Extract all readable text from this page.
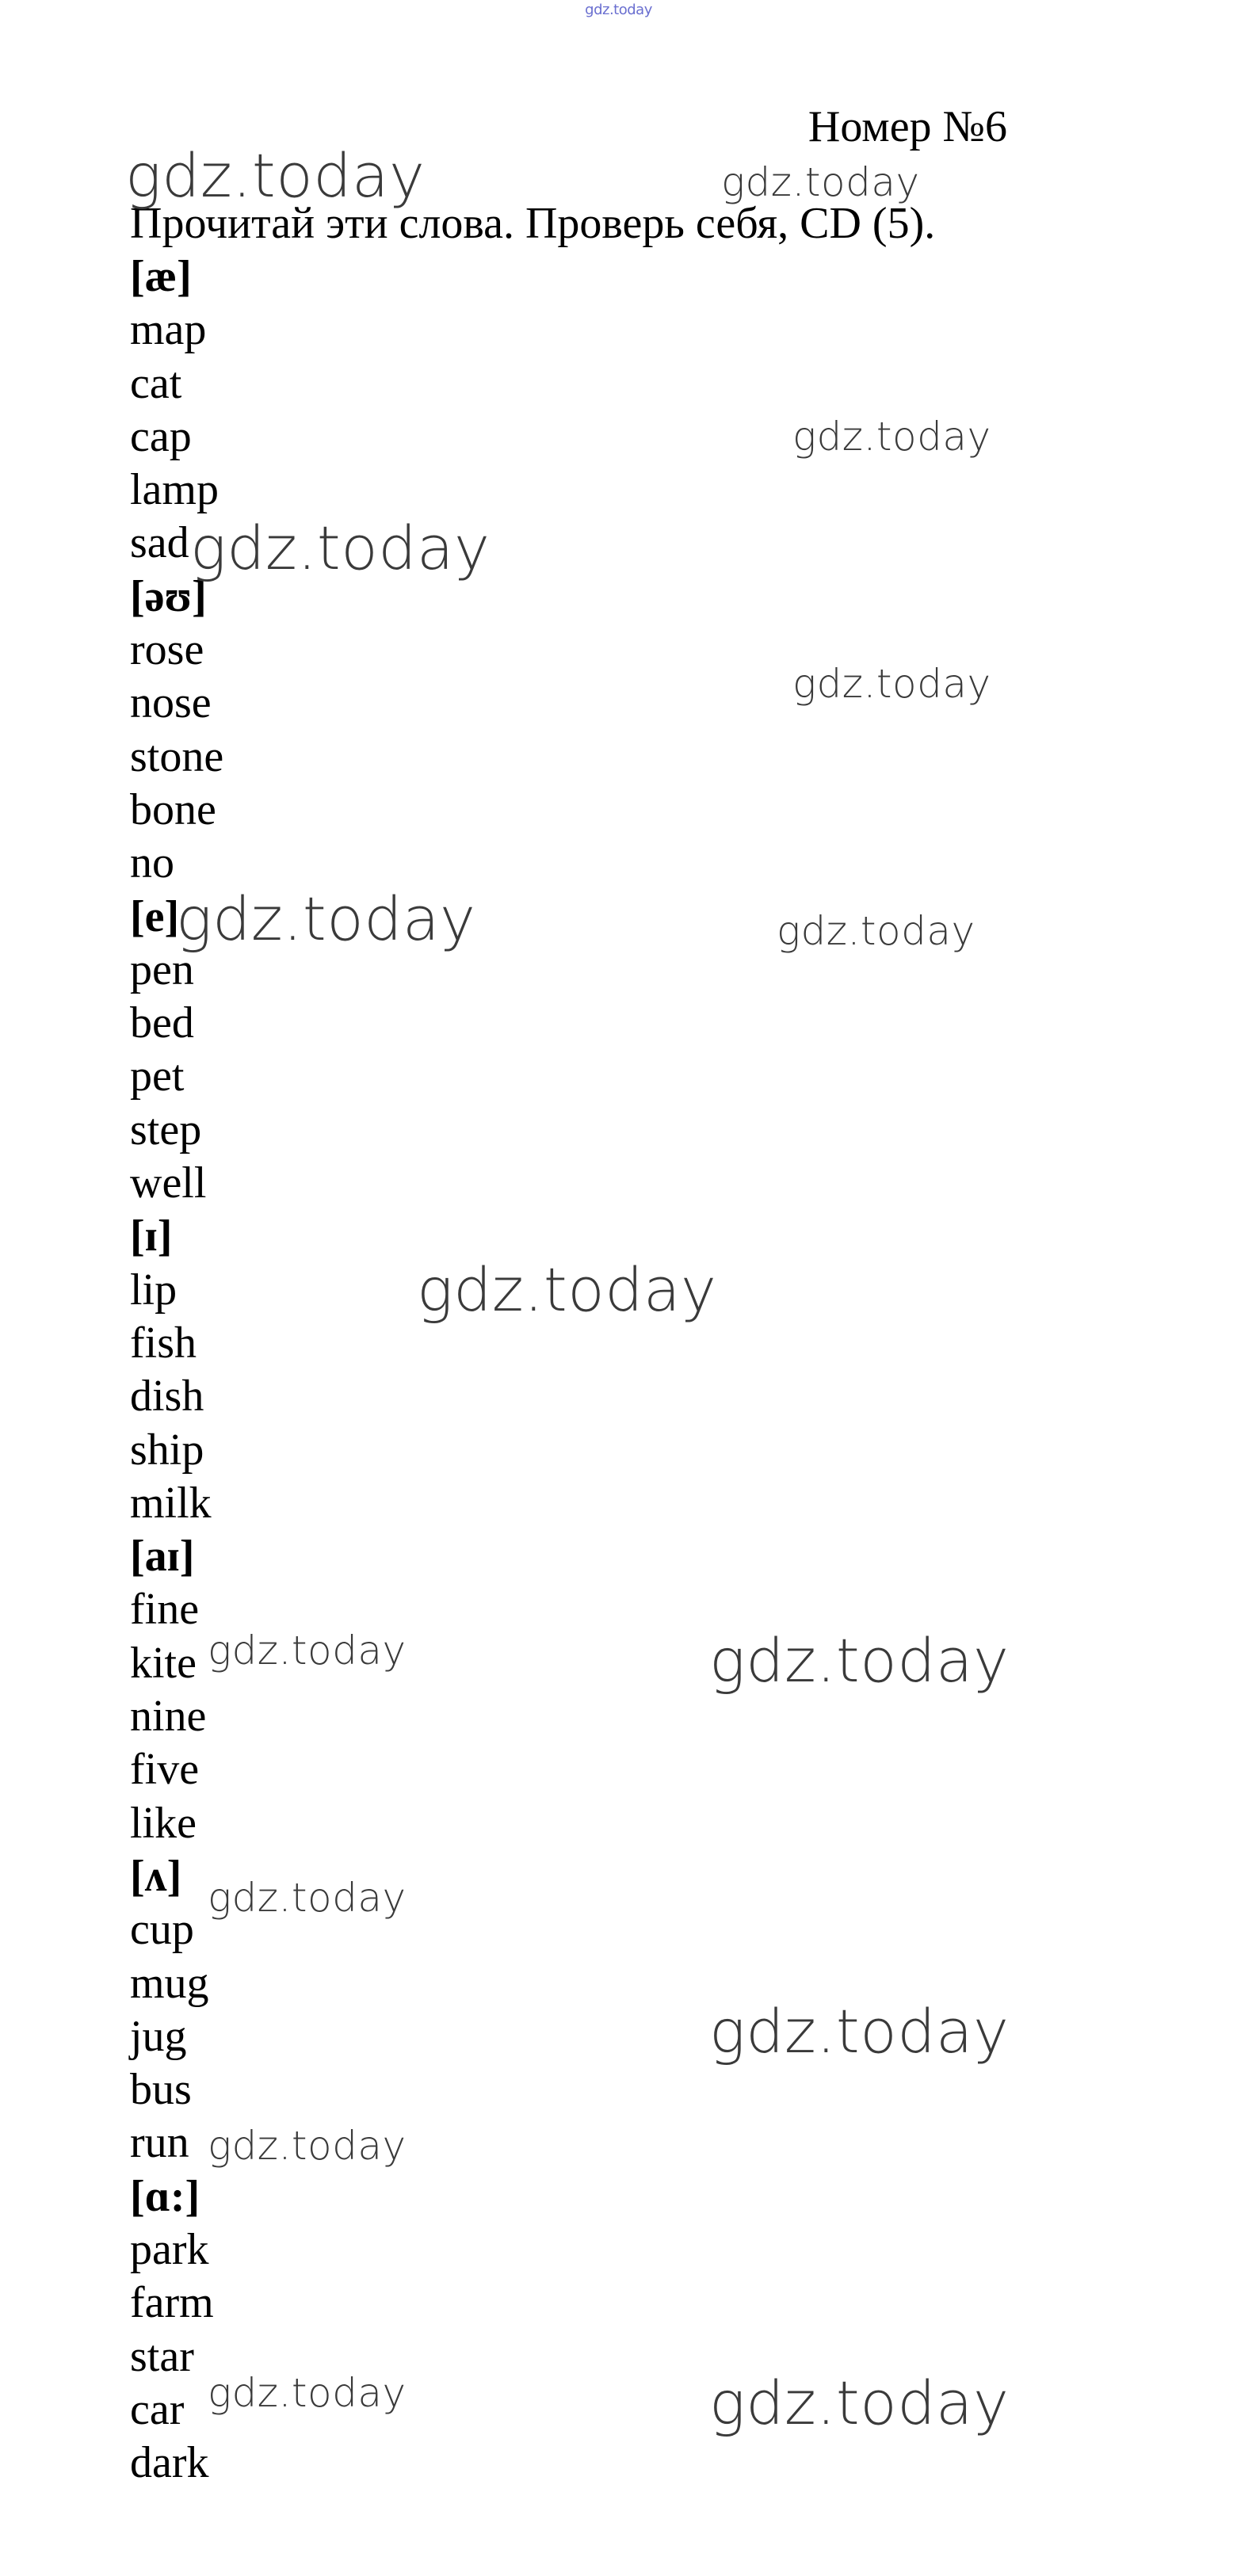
gdz.today
Номер №6
Прочитай эти слова. Проверь себя, CD (5).
[æ]
map
cat
cap
lamp
sad
[əʊ]
rose
nose
stone
bone
no
[e]
pen
bed
pet
step
well
[ɪ]
lip
fish
dish
ship
milk
[aɪ]
fine
kite
nine
five
like
[ʌ]
cup
mug
jug
bus
run
[ɑ:]
park
farm
star
car
dark
gdz.today	gdz.today
gdz.today
gdz.today
gdz.today
gdz.today	gdz.today
gdz.today
gdz.today	gdz.today
gdz.today
gdz.today
gdz.today
gdz.today	gdz.today
